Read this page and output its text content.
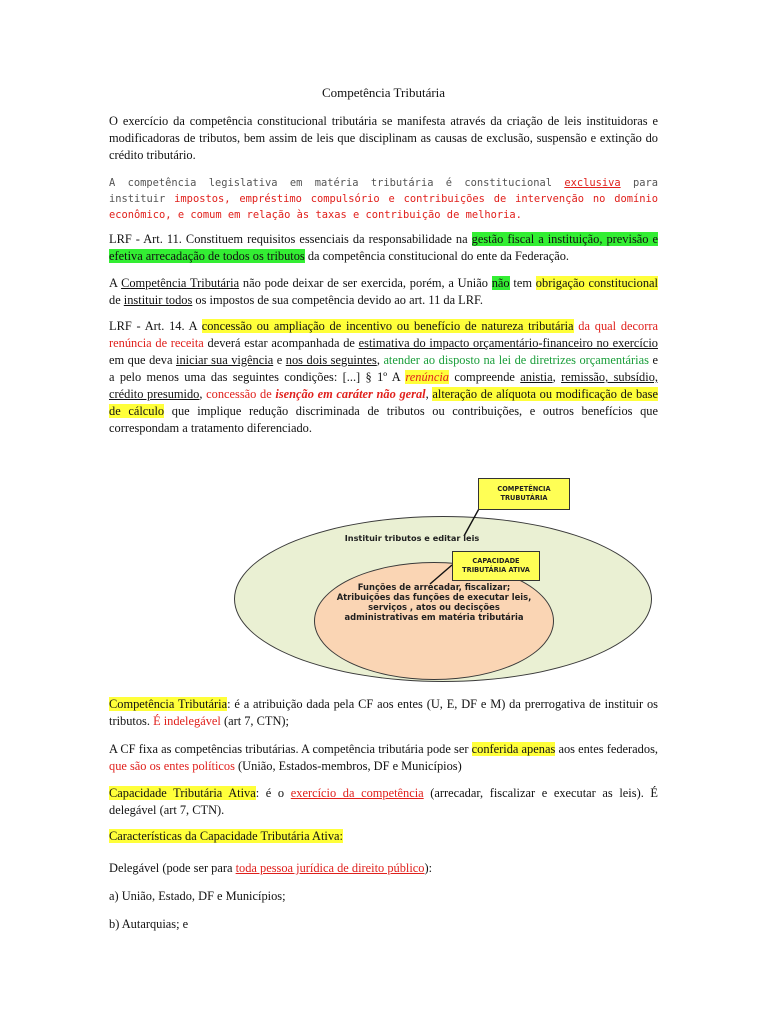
Competência Tributária
O exercício da competência constitucional tributária se manifesta através da criação de leis instituidoras e modificadoras de tributos, bem assim de leis que disciplinam as causas de exclusão, suspensão e extinção do crédito tributário.
A competência legislativa em matéria tributária é constitucional exclusiva para instituir impostos, empréstimo compulsório e contribuições de intervenção no domínio econômico, e comum em relação às taxas e contribuição de melhoria.
LRF - Art. 11. Constituem requisitos essenciais da responsabilidade na gestão fiscal a instituição, previsão e efetiva arrecadação de todos os tributos da competência constitucional do ente da Federação.
A Competência Tributária não pode deixar de ser exercida, porém, a União não tem obrigação constitucional de instituir todos os impostos de sua competência devido ao art. 11 da LRF.
LRF - Art. 14. A concessão ou ampliação de incentivo ou benefício de natureza tributária da qual decorra renúncia de receita deverá estar acompanhada de estimativa do impacto orçamentário-financeiro no exercício em que deva iniciar sua vigência e nos dois seguintes, atender ao disposto na lei de diretrizes orçamentárias e a pelo menos uma das seguintes condições: [...] § 1º A renúncia compreende anistia, remissão, subsídio, crédito presumido, concessão de isenção em caráter não geral, alteração de alíquota ou modificação de base de cálculo que implique redução discriminada de tributos ou contribuições, e outros benefícios que correspondam a tratamento diferenciado.
Competência Tributária: é a atribuição dada pela CF aos entes (U, E, DF e M) da prerrogativa de instituir os tributos. É indelegável (art 7, CTN);
A CF fixa as competências tributárias. A competência tributária pode ser conferida apenas aos entes federados, que são os entes políticos (União, Estados-membros, DF e Municípios)
Capacidade Tributária Ativa: é o exercício da competência (arrecadar, fiscalizar e executar as leis). É delegável (art 7, CTN).
Características da Capacidade Tributária Ativa:
Delegável (pode ser para toda pessoa jurídica de direito público):
a) União, Estado, DF e Municípios;
b) Autarquias; e
COMPETÊNCIA
TRUBUTÁRIA
CAPACIDADE
TRIBUTÁRIA ATIVA
Instituir tributos e editar leis
Funções de arrecadar, fiscalizar;
Atribuições das funções de executar leis,
serviços , atos ou decisções
administrativas em matéria tributária
